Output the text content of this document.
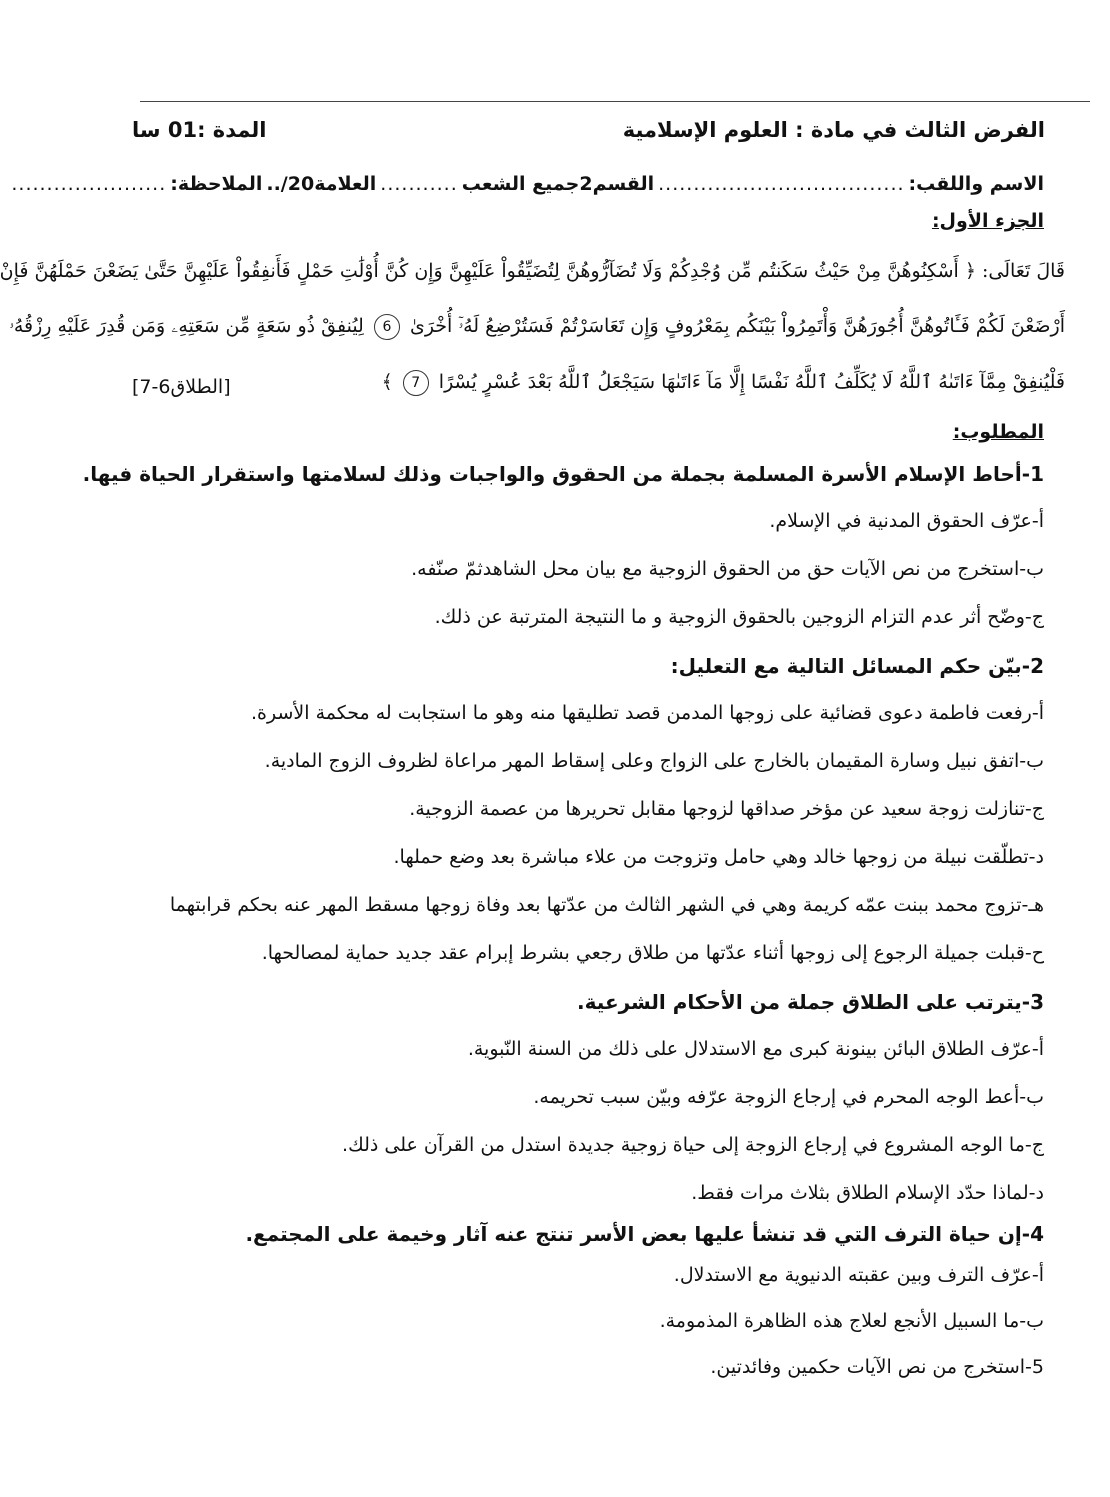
الفرض الثالث في مادة : العلوم الإسلامية
المدة :01 سا
الاسم واللقب:
...................................
القسم2جميع الشعب
...........
العلامة20/..
الملاحظة:
......................
الجزء الأول:
قَالَ تَعَالَى: ﴿ أَسْكِنُوهُنَّ مِنْ حَيْثُ سَكَنتُم مِّن وُجْدِكُمْ وَلَا تُضَآرُّوهُنَّ لِتُضَيِّقُواْ عَلَيْهِنَّ وَإِن كُنَّ أُوْلَٰتِ حَمْلٍ فَأَنفِقُواْ عَلَيْهِنَّ حَتَّىٰ يَضَعْنَ حَمْلَهُنَّ فَإِنْ
أَرْضَعْنَ لَكُمْ فَـَٔاتُوهُنَّ أُجُورَهُنَّ وَأْتَمِرُواْ بَيْنَكُم بِمَعْرُوفٍ وَإِن تَعَاسَرْتُمْ فَسَتُرْضِعُ لَهُۥٓ أُخْرَىٰ 6 لِيُنفِقْ ذُو سَعَةٍ مِّن سَعَتِهِۦ وَمَن قُدِرَ عَلَيْهِ رِزْقُهُۥ
فَلْيُنفِقْ مِمَّآ ءَاتَىٰهُ ٱللَّهُ لَا يُكَلِّفُ ٱللَّهُ نَفْسًا إِلَّا مَآ ءَاتَىٰهَا سَيَجْعَلُ ٱللَّهُ بَعْدَ عُسْرٍ يُسْرًا 7 ﴾
[الطلاق6-7]
المطلوب:
1-أحاط الإسلام الأسرة المسلمة بجملة من الحقوق والواجبات وذلك لسلامتها واستقرار الحياة فيها.
أ-عرّف الحقوق المدنية في الإسلام.
ب-استخرج من نص الآيات حق من الحقوق الزوجية مع بيان محل الشاهدثمّ صنّفه.
ج-وضّح أثر عدم التزام الزوجين بالحقوق الزوجية و ما النتيجة المترتبة عن ذلك.
2-بيّن حكم المسائل التالية مع التعليل:
أ-رفعت فاطمة دعوى قضائية على زوجها المدمن قصد تطليقها منه وهو ما استجابت له محكمة الأسرة.
ب-اتفق نبيل وسارة المقيمان بالخارج على الزواج وعلى إسقاط المهر مراعاة لظروف الزوج المادية.
ج-تنازلت زوجة سعيد عن مؤخر صداقها لزوجها مقابل تحريرها من عصمة الزوجية.
د-تطلّقت نبيلة من زوجها خالد وهي حامل وتزوجت من علاء مباشرة بعد وضع حملها.
هـ-تزوج محمد ببنت عمّه كريمة وهي في الشهر الثالث من عدّتها بعد وفاة زوجها مسقط المهر عنه بحكم قرابتهما
ح-قبلت جميلة الرجوع إلى زوجها أثناء عدّتها من طلاق رجعي بشرط إبرام عقد جديد حماية لمصالحها.
3-يترتب على الطلاق جملة من الأحكام الشرعية.
أ-عرّف الطلاق البائن بينونة كبرى مع الاستدلال على ذلك من السنة النّبوية.
ب-أعط الوجه المحرم في إرجاع الزوجة عرّفه وبيّن سبب تحريمه.
ج-ما الوجه المشروع في إرجاع الزوجة إلى حياة زوجية جديدة استدل من القرآن على ذلك.
د-لماذا حدّد الإسلام الطلاق بثلاث مرات فقط.
4-إن حياة الترف التي قد تنشأ عليها بعض الأسر تنتج عنه آثار وخيمة على المجتمع.
أ-عرّف الترف وبين عقبته الدنيوية مع الاستدلال.
ب-ما السبيل الأنجع لعلاج هذه الظاهرة المذمومة.
5-استخرج من نص الآيات حكمين وفائدتين.
